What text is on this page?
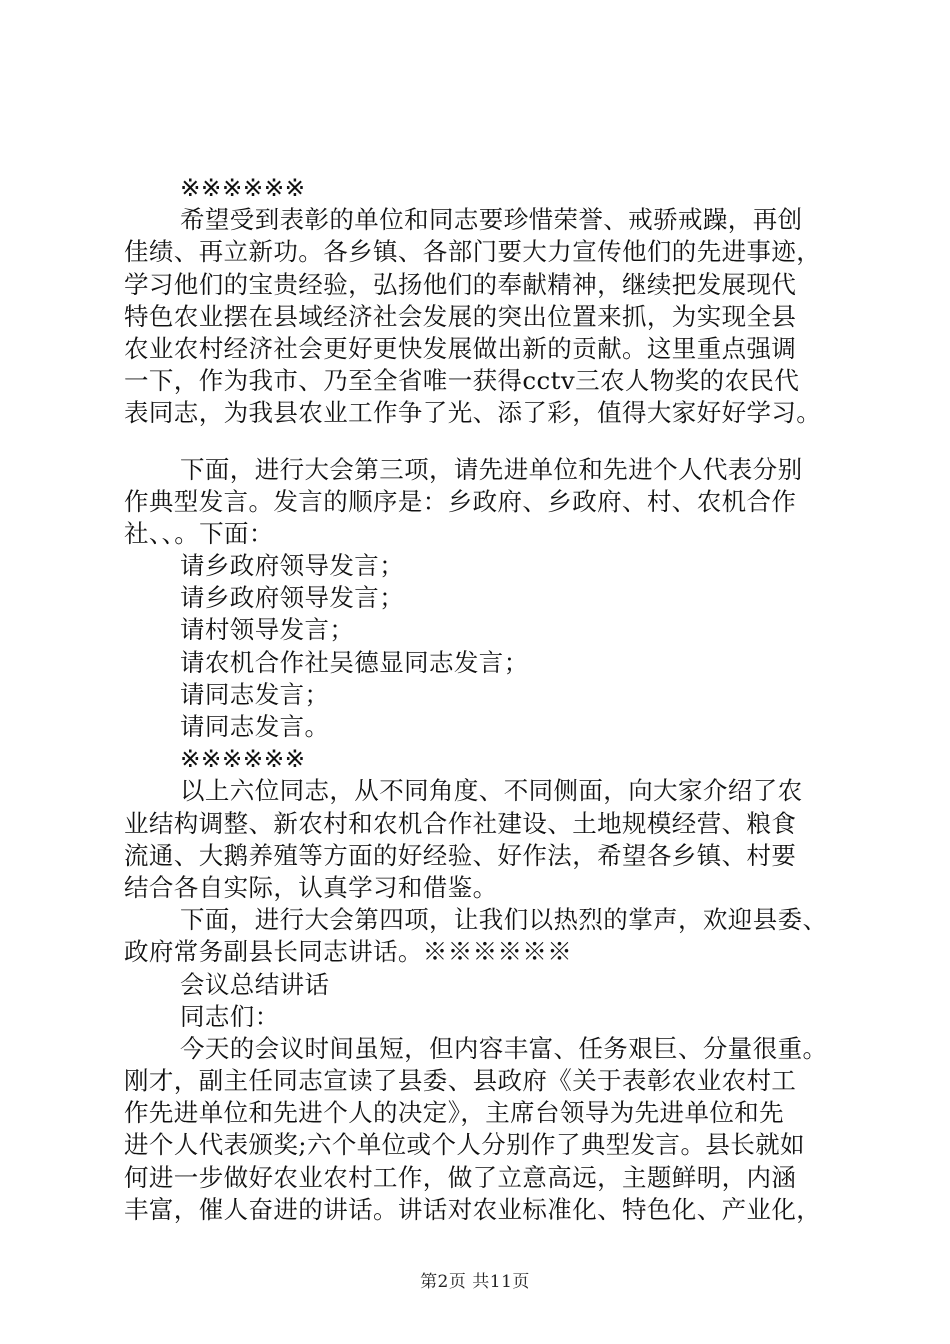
※※※※※※
希望受到表彰的单位和同志要珍惜荣誉、戒骄戒躁，再创
佳绩、再立新功。各乡镇、各部门要大力宣传他们的先进事迹，
学习他们的宝贵经验，弘扬他们的奉献精神，继续把发展现代
特色农业摆在县域经济社会发展的突出位置来抓，为实现全县
农业农村经济社会更好更快发展做出新的贡献。这里重点强调
一下，作为我市、乃至全省唯一获得cctv三农人物奖的农民代
表同志，为我县农业工作争了光、添了彩，值得大家好好学习。
下面，进行大会第三项，请先进单位和先进个人代表分别
作典型发言。发言的顺序是：乡政府、乡政府、村、农机合作
社、、。下面：
请乡政府领导发言；
请乡政府领导发言；
请村领导发言；
请农机合作社吴德显同志发言；
请同志发言；
请同志发言。
※※※※※※
以上六位同志，从不同角度、不同侧面，向大家介绍了农
业结构调整、新农村和农机合作社建设、土地规模经营、粮食
流通、大鹅养殖等方面的好经验、好作法，希望各乡镇、村要
结合各自实际，认真学习和借鉴。
下面，进行大会第四项，让我们以热烈的掌声，欢迎县委、
政府常务副县长同志讲话。※※※※※※
会议总结讲话
同志们：
今天的会议时间虽短，但内容丰富、任务艰巨、分量很重。
刚才，副主任同志宣读了县委、县政府《关于表彰农业农村工
作先进单位和先进个人的决定》，主席台领导为先进单位和先
进个人代表颁奖;六个单位或个人分别作了典型发言。县长就如
何进一步做好农业农村工作，做了立意高远，主题鲜明，内涵
丰富，催人奋进的讲话。讲话对农业标准化、特色化、产业化，
第2页 共11页
